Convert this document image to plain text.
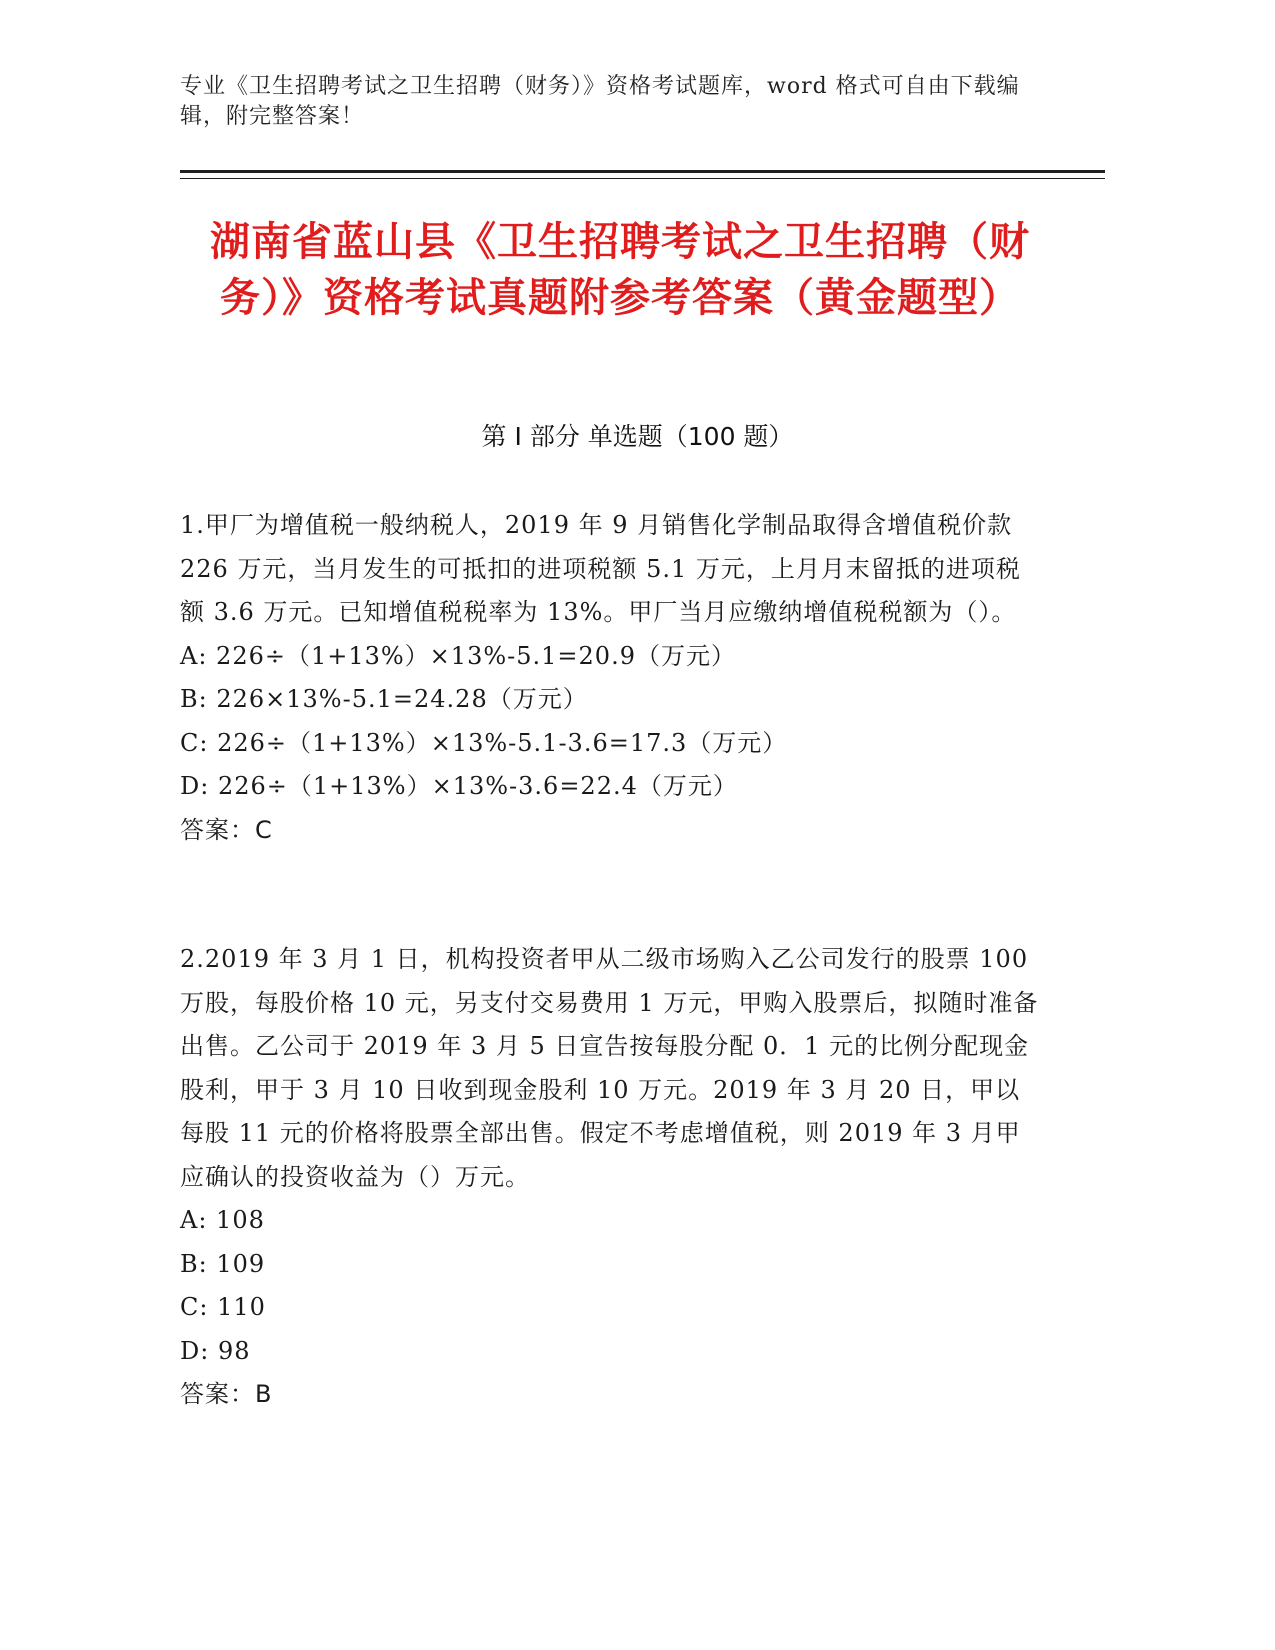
专业《卫生招聘考试之卫生招聘（财务）》资格考试题库，word 格式可自由下载编辑，附完整答案！
湖南省蓝山县《卫生招聘考试之卫生招聘（财务）》资格考试真题附参考答案（黄金题型）
第 I 部分 单选题（100 题）
1.甲厂为增值税一般纳税人，2019 年 9 月销售化学制品取得含增值税价款 226 万元，当月发生的可抵扣的进项税额 5.1 万元，上月月末留抵的进项税额 3.6 万元。已知增值税税率为 13%。甲厂当月应缴纳增值税税额为（）。
A: 226÷（1+13%）×13%-5.1=20.9（万元）
B: 226×13%-5.1=24.28（万元）
C: 226÷（1+13%）×13%-5.1-3.6=17.3（万元）
D: 226÷（1+13%）×13%-3.6=22.4（万元）
答案：C
2.2019 年 3 月 1 日，机构投资者甲从二级市场购入乙公司发行的股票 100 万股，每股价格 10 元，另支付交易费用 1 万元，甲购入股票后，拟随时准备出售。乙公司于 2019 年 3 月 5 日宣告按每股分配 0．1 元的比例分配现金股利，甲于 3 月 10 日收到现金股利 10 万元。2019 年 3 月 20 日，甲以每股 11 元的价格将股票全部出售。假定不考虑增值税，则 2019 年 3 月甲应确认的投资收益为（）万元。
A: 108
B: 109
C: 110
D: 98
答案：B
